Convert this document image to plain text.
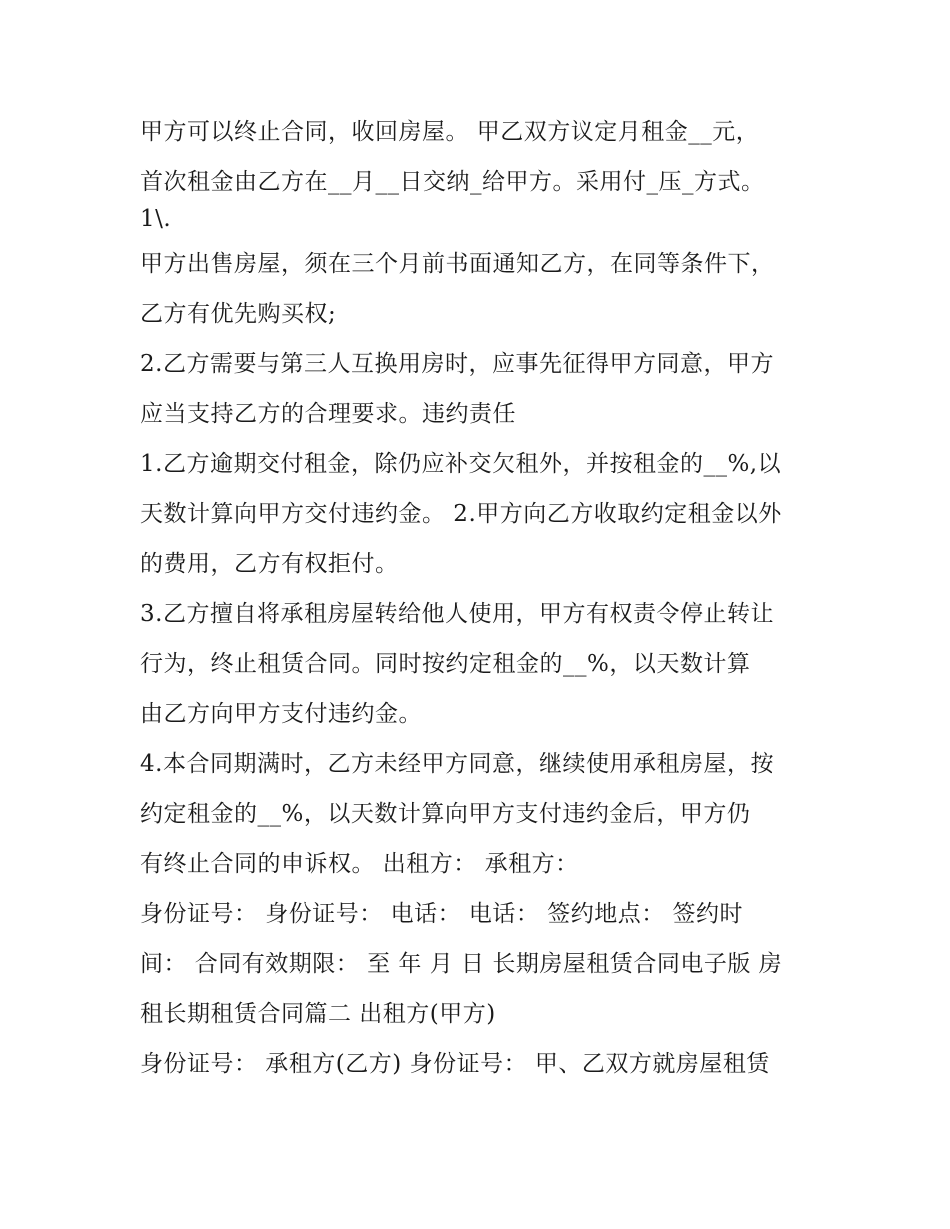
甲方可以终止合同，收回房屋。 甲乙双方议定月租金__元，
首次租金由乙方在__月__日交纳_给甲方。采用付_压_方式。
1\.
甲方出售房屋，须在三个月前书面通知乙方，在同等条件下，
乙方有优先购买权;
2.乙方需要与第三人互换用房时，应事先征得甲方同意，甲方
应当支持乙方的合理要求。违约责任
1.乙方逾期交付租金，除仍应补交欠租外，并按租金的__%,以
天数计算向甲方交付违约金。 2.甲方向乙方收取约定租金以外
的费用，乙方有权拒付。
3.乙方擅自将承租房屋转给他人使用，甲方有权责令停止转让
行为，终止租赁合同。同时按约定租金的__%，以天数计算
由乙方向甲方支付违约金。
4.本合同期满时，乙方未经甲方同意，继续使用承租房屋，按
约定租金的__%，以天数计算向甲方支付违约金后，甲方仍
有终止合同的申诉权。 出租方： 承租方：
身份证号： 身份证号： 电话： 电话： 签约地点： 签约时
间： 合同有效期限： 至 年 月 日 长期房屋租赁合同电子版 房
租长期租赁合同篇二 出租方(甲方)
身份证号： 承租方(乙方) 身份证号： 甲、乙双方就房屋租赁
